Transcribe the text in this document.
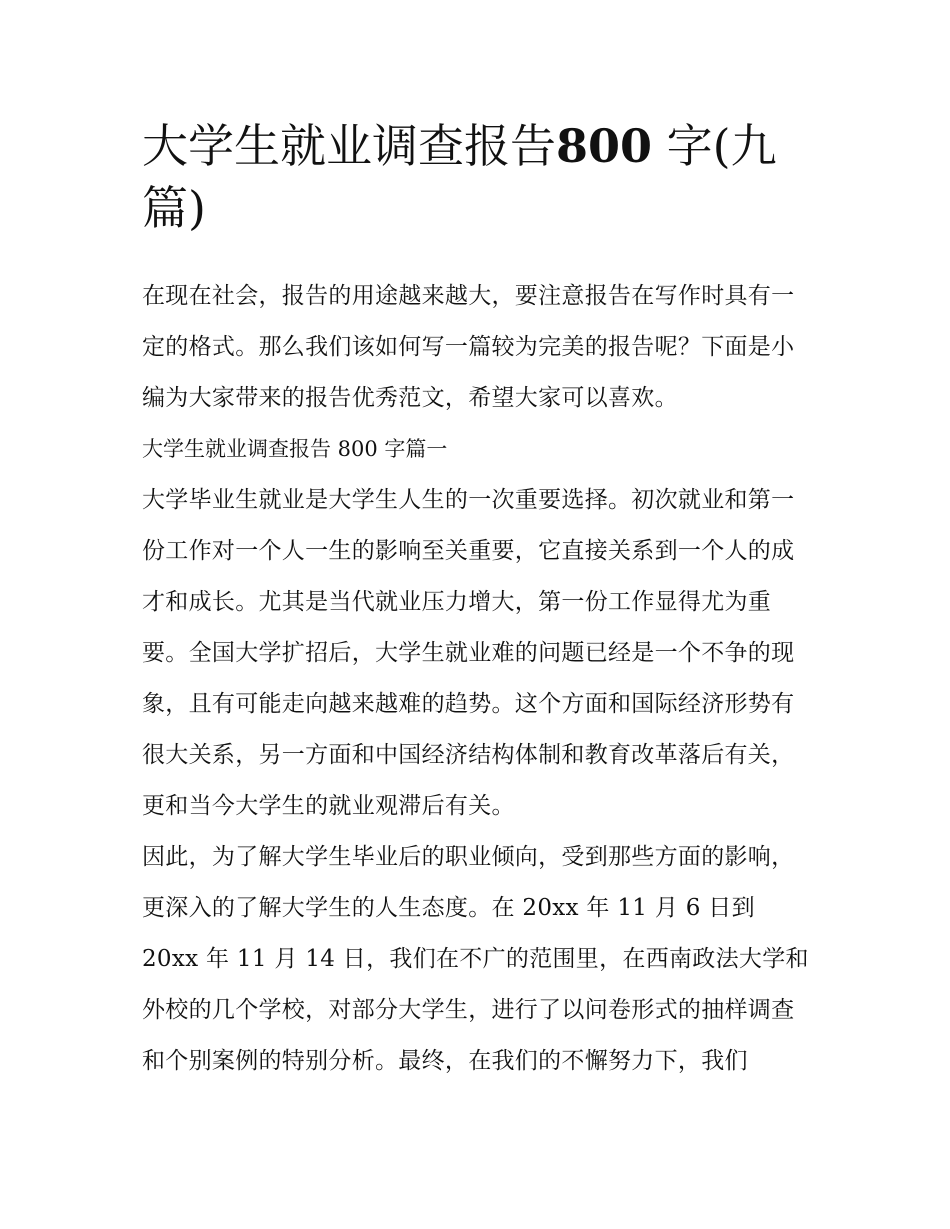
大学生就业调查报告800 字(九篇)

在现在社会，报告的用途越来越大，要注意报告在写作时具有一定的格式。那么我们该如何写一篇较为完美的报告呢？下面是小编为大家带来的报告优秀范文，希望大家可以喜欢。

大学生就业调查报告 800 字篇一

大学毕业生就业是大学生人生的一次重要选择。初次就业和第一份工作对一个人一生的影响至关重要，它直接关系到一个人的成才和成长。尤其是当代就业压力增大，第一份工作显得尤为重要。全国大学扩招后，大学生就业难的问题已经是一个不争的现象，且有可能走向越来越难的趋势。这个方面和国际经济形势有很大关系，另一方面和中国经济结构体制和教育改革落后有关，更和当今大学生的就业观滞后有关。

因此，为了解大学生毕业后的职业倾向，受到那些方面的影响，更深入的了解大学生的人生态度。在 20xx 年 11 月 6 日到 20xx 年 11 月 14 日，我们在不广的范围里，在西南政法大学和外校的几个学校，对部分大学生，进行了以问卷形式的抽样调查和个别案例的特别分析。最终，在我们的不懈努力下，我们
